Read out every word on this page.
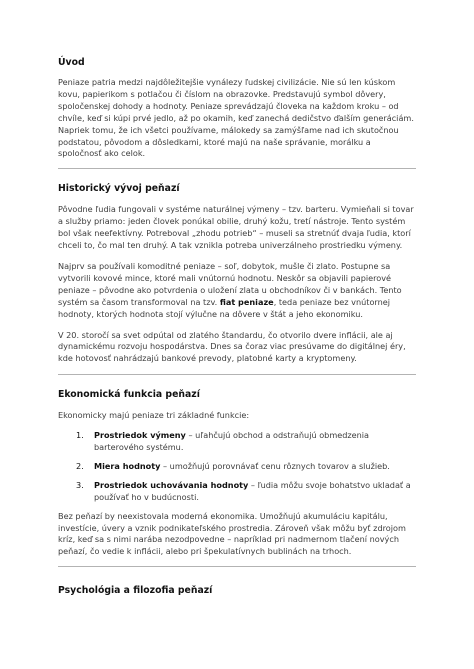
Úvod

Peniaze patria medzi najdôležitejšie vynálezy ľudskej civilizácie. Nie sú len kúskom kovu, papierikom s potlačou či číslom na obrazovke. Predstavujú symbol dôvery, spoločenskej dohody a hodnoty. Peniaze sprevádzajú človeka na každom kroku – od chvíle, keď si kúpi prvé jedlo, až po okamih, keď zanechá dedičstvo ďalším generáciám. Napriek tomu, že ich všetci používame, málokedy sa zamýšľame nad ich skutočnou podstatou, pôvodom a dôsledkami, ktoré majú na naše správanie, morálku a spoločnosť ako celok.

Historický vývoj peňazí

Pôvodne ľudia fungovali v systéme naturálnej výmeny – tzv. barteru. Vymieňali si tovar a služby priamo: jeden človek ponúkal obilie, druhý kožu, tretí nástroje. Tento systém bol však neefektívny. Potreboval „zhodu potrieb“ – museli sa stretnúť dvaja ľudia, ktorí chceli to, čo mal ten druhý. A tak vznikla potreba univerzálneho prostriedku výmeny.

Najprv sa používali komoditné peniaze – soľ, dobytok, mušle či zlato. Postupne sa vytvorili kovové mince, ktoré mali vnútornú hodnotu. Neskôr sa objavili papierové peniaze – pôvodne ako potvrdenia o uložení zlata u obchodníkov či v bankách. Tento systém sa časom transformoval na tzv. fiat peniaze, teda peniaze bez vnútornej hodnoty, ktorých hodnota stojí výlučne na dôvere v štát a jeho ekonomiku.

V 20. storočí sa svet odpútal od zlatého štandardu, čo otvorilo dvere inflácii, ale aj dynamickému rozvoju hospodárstva. Dnes sa čoraz viac presúvame do digitálnej éry, kde hotovosť nahrádzajú bankové prevody, platobné karty a kryptomeny.

Ekonomická funkcia peňazí

Ekonomicky majú peniaze tri základné funkcie:

1. Prostriedok výmeny – uľahčujú obchod a odstraňujú obmedzenia barterového systému.
2. Miera hodnoty – umožňujú porovnávať cenu rôznych tovarov a služieb.
3. Prostriedok uchovávania hodnoty – ľudia môžu svoje bohatstvo ukladať a používať ho v budúcnosti.

Bez peňazí by neexistovala moderná ekonomika. Umožňujú akumuláciu kapitálu, investície, úvery a vznik podnikateľského prostredia. Zároveň však môžu byť zdrojom kríz, keď sa s nimi narába nezodpovedne – napríklad pri nadmernom tlačení nových peňazí, čo vedie k inflácii, alebo pri špekulatívnych bublinách na trhoch.

Psychológia a filozofia peňazí
